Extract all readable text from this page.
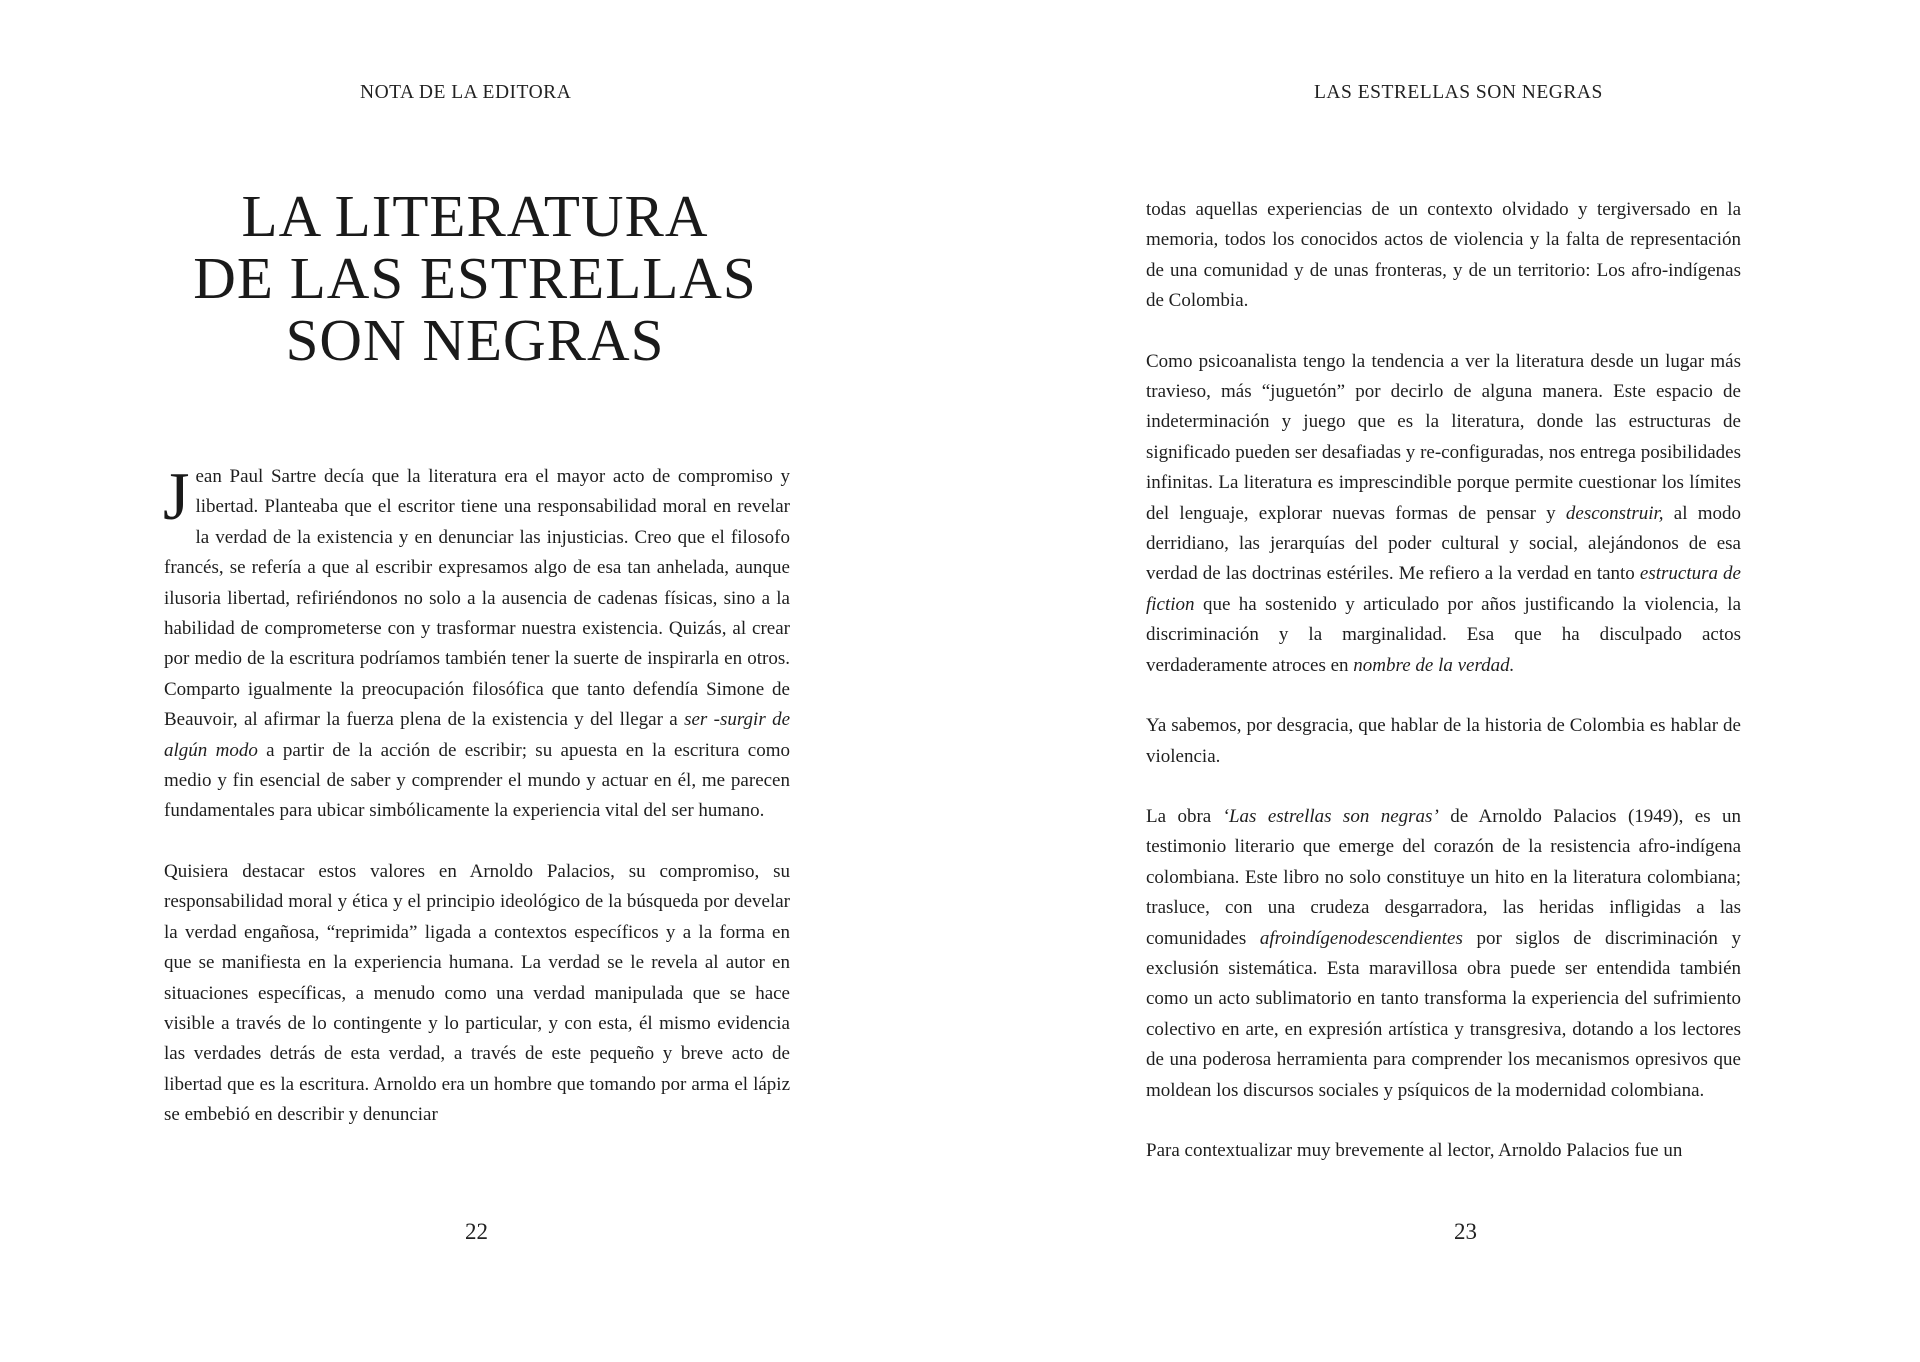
NOTA DE LA EDITORA
LA LITERATURA
DE LAS ESTRELLAS
SON NEGRAS

Jean Paul Sartre decía que la literatura era el mayor acto de compromiso y libertad. Planteaba que el escritor tiene una responsabilidad moral en revelar la verdad de la existencia y en denunciar las injusticias. Creo que el filosofo francés, se refería a que al escribir expresamos algo de esa tan anhelada, aunque ilusoria libertad, refiriéndonos no solo a la ausencia de cadenas físicas, sino a la habilidad de comprometerse con y trasformar nuestra existencia. Quizás, al crear por medio de la escritura podríamos también tener la suerte de inspirarla en otros. Comparto igualmente la preocupación filosófica que tanto defendía Simone de Beauvoir, al afirmar la fuerza plena de la existencia y del llegar a ser -surgir de algún modo a partir de la acción de escribir; su apuesta en la escritura como medio y fin esencial de saber y comprender el mundo y actuar en él, me parecen fundamentales para ubicar simbólicamente la experiencia vital del ser humano.

Quisiera destacar estos valores en Arnoldo Palacios, su compromiso, su responsabilidad moral y ética y el principio ideológico de la búsqueda por develar la verdad engañosa, “reprimida” ligada a contextos específicos y a la forma en que se manifiesta en la experiencia humana. La verdad se le revela al autor en situaciones específicas, a menudo como una verdad manipulada que se hace visible a través de lo contingente y lo particular, y con esta, él mismo evidencia las verdades detrás de esta verdad, a través de este pequeño y breve acto de libertad que es la escritura. Arnoldo era un hombre que tomando por arma el lápiz se embebió en describir y denunciar

22
LAS ESTRELLAS SON NEGRAS

todas aquellas experiencias de un contexto olvidado y tergiversado en la memoria, todos los conocidos actos de violencia y la falta de representación de una comunidad y de unas fronteras, y de un territorio: Los afro-indígenas de Colombia.

Como psicoanalista tengo la tendencia a ver la literatura desde un lugar más travieso, más “juguetón” por decirlo de alguna manera. Este espacio de indeterminación y juego que es la literatura, donde las estructuras de significado pueden ser desafiadas y re-configuradas, nos entrega posibilidades infinitas. La literatura es imprescindible porque permite cuestionar los límites del lenguaje, explorar nuevas formas de pensar y desconstruir, al modo derridiano, las jerarquías del poder cultural y social, alejándonos de esa verdad de las doctrinas estériles. Me refiero a la verdad en tanto estructura de fiction que ha sostenido y articulado por años justificando la violencia, la discriminación y la marginalidad. Esa que ha disculpado actos verdaderamente atroces en nombre de la verdad.

Ya sabemos, por desgracia, que hablar de la historia de Colombia es hablar de violencia.

La obra ‘Las estrellas son negras’ de Arnoldo Palacios (1949), es un testimonio literario que emerge del corazón de la resistencia afro-indígena colombiana. Este libro no solo constituye un hito en la literatura colombiana; trasluce, con una crudeza desgarradora, las heridas infligidas a las comunidades afroindígenodescendientes por siglos de discriminación y exclusión sistemática. Esta maravillosa obra puede ser entendida también como un acto sublimatorio en tanto transforma la experiencia del sufrimiento colectivo en arte, en expresión artística y transgresiva, dotando a los lectores de una poderosa herramienta para comprender los mecanismos opresivos que moldean los discursos sociales y psíquicos de la modernidad colombiana.

Para contextualizar muy brevemente al lector, Arnoldo Palacios fue un

23
